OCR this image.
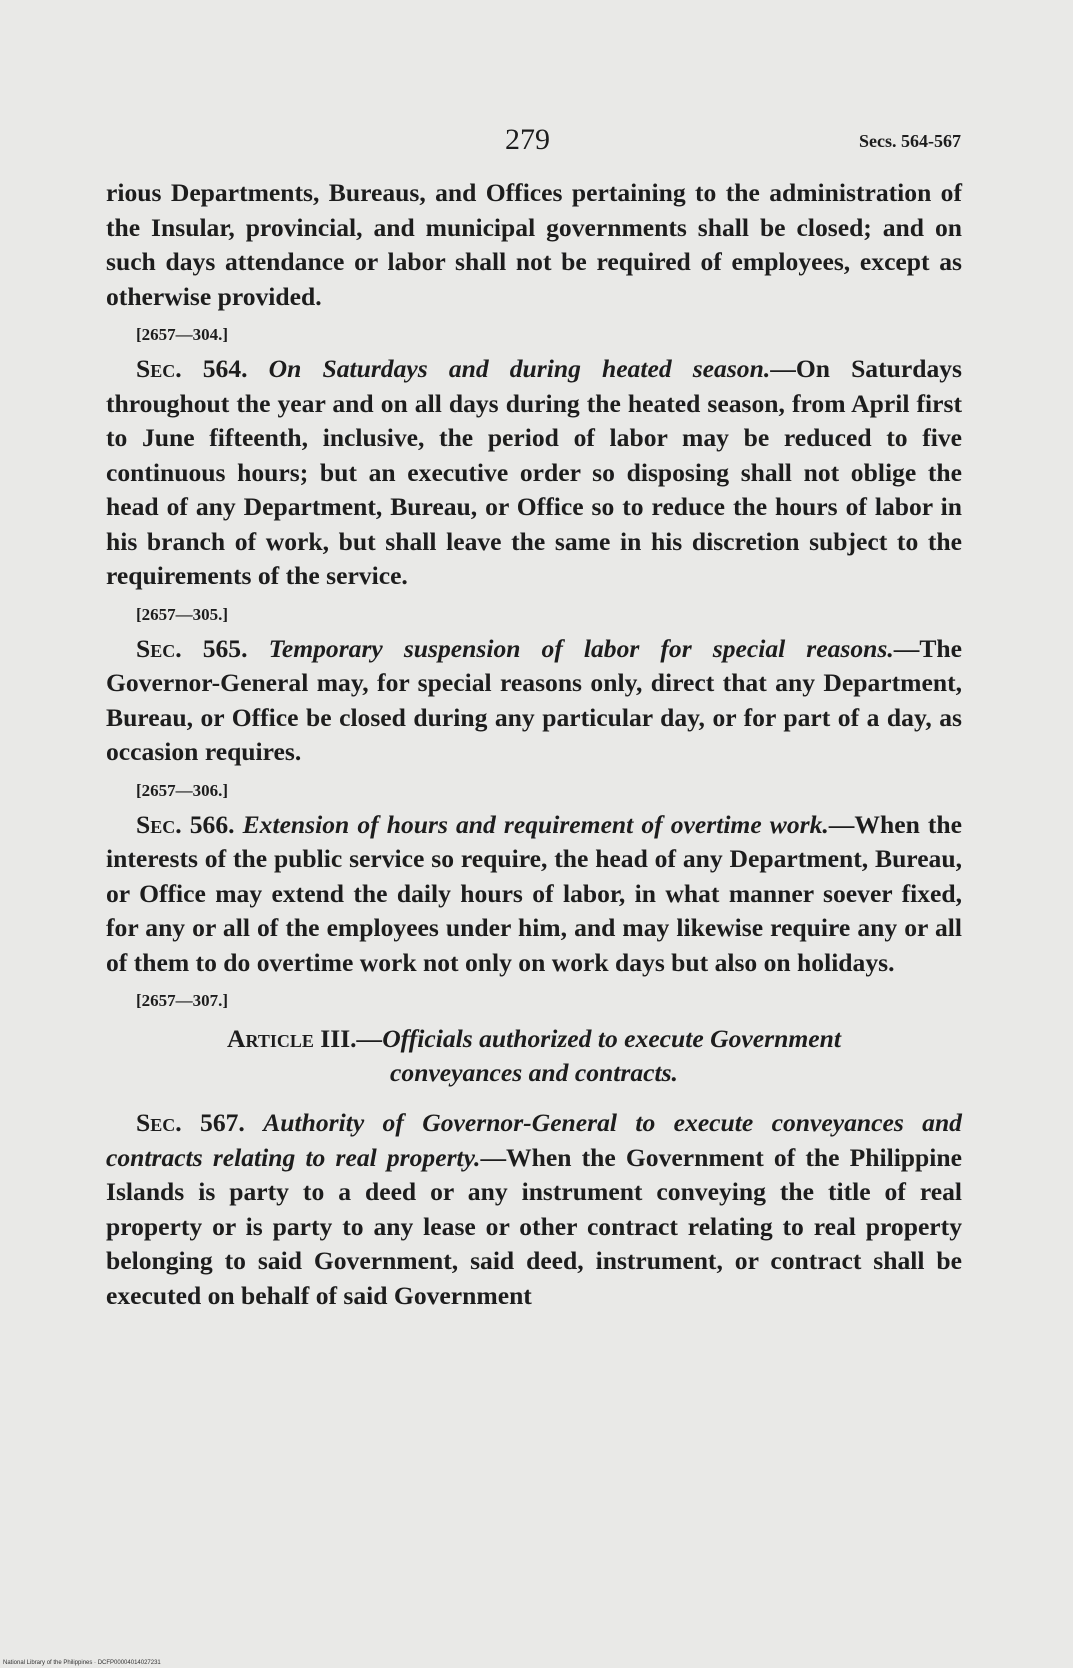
279	Secs. 564-567

rious Departments, Bureaus, and Offices pertaining to the administration of the Insular, provincial, and municipal governments shall be closed; and on such days attendance or labor shall not be required of employees, except as otherwise provided.

[2657—304.]

Sec. 564. On Saturdays and during heated season.—On Saturdays throughout the year and on all days during the heated season, from April first to June fifteenth, inclusive, the period of labor may be reduced to five continuous hours; but an executive order so disposing shall not oblige the head of any Department, Bureau, or Office so to reduce the hours of labor in his branch of work, but shall leave the same in his discretion subject to the requirements of the service.

[2657—305.]

Sec. 565. Temporary suspension of labor for special reasons.—The Governor-General may, for special reasons only, direct that any Department, Bureau, or Office be closed during any particular day, or for part of a day, as occasion requires.

[2657—306.]

Sec. 566. Extension of hours and requirement of overtime work.—When the interests of the public service so require, the head of any Department, Bureau, or Office may extend the daily hours of labor, in what manner soever fixed, for any or all of the employees under him, and may likewise require any or all of them to do overtime work not only on work days but also on holidays.

[2657—307.]

Article III.—Officials authorized to execute Government
conveyances and contracts.

Sec. 567. Authority of Governor-General to execute conveyances and contracts relating to real property.—When the Government of the Philippine Islands is party to a deed or any instrument conveying the title of real property or is party to any lease or other contract relating to real property belonging to said Government, said deed, instrument, or contract shall be executed on behalf of said Government

National Library of the Philippines · DCFP00004014027231
